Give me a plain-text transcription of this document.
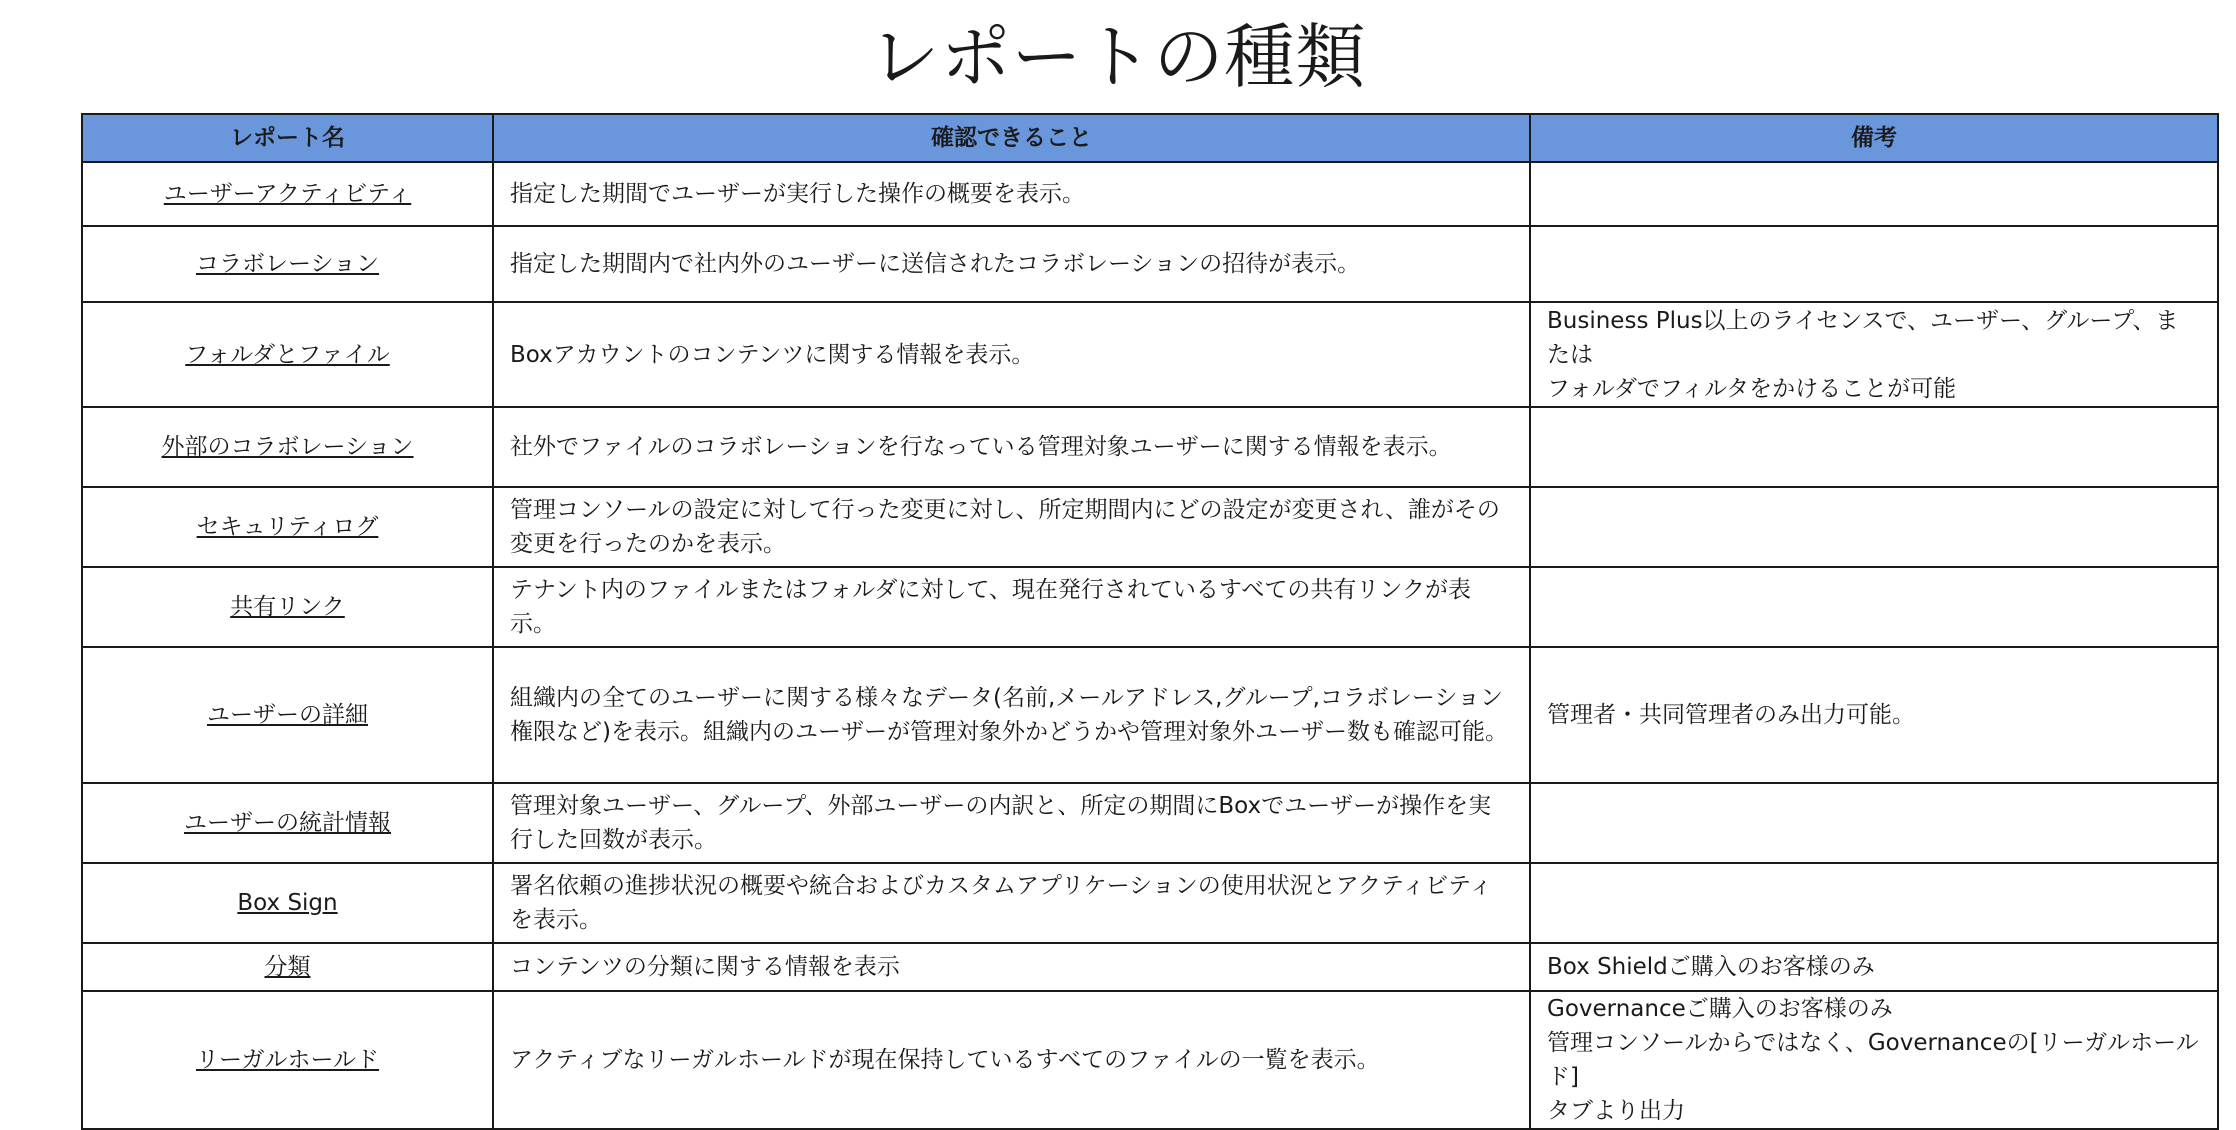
レポートの種類
レポート名	確認できること	備考
ユーザーアクティビティ	指定した期間でユーザーが実行した操作の概要を表示。	
コラボレーション	指定した期間内で社内外のユーザーに送信されたコラボレーションの招待が表示。	
フォルダとファイル	Boxアカウントのコンテンツに関する情報を表示。	Business Plus以上のライセンスで、ユーザー、グループ、または
フォルダでフィルタをかけることが可能

外部のコラボレーション	社外でファイルのコラボレーションを行なっている管理対象ユーザーに関する情報を表示。	
セキュリティログ	管理コンソールの設定に対して行った変更に対し、所定期間内にどの設定が変更され、誰がその変更を行ったのかを表示。	
共有リンク	テナント内のファイルまたはフォルダに対して、現在発行されているすべての共有リンクが表示。	
ユーザーの詳細	組織内の全てのユーザーに関する様々なデータ(名前,メールアドレス,グループ,コラボレーション権限など)を表示。組織内のユーザーが管理対象外かどうかや管理対象外ユーザー数も確認可能。	管理者・共同管理者のみ出力可能。

ユーザーの統計情報	管理対象ユーザー、グループ、外部ユーザーの内訳と、所定の期間にBoxでユーザーが操作を実行した回数が表示。	
Box Sign	署名依頼の進捗状況の概要や統合およびカスタムアプリケーションの使用状況とアクティビティを表示。	
分類	コンテンツの分類に関する情報を表示	Box Shieldご購入のお客様のみ

リーガルホールド	アクティブなリーガルホールドが現在保持しているすべてのファイルの一覧を表示。	Governanceご購入のお客様のみ
管理コンソールからではなく、Governanceの[リーガルホールド]
タブより出力
